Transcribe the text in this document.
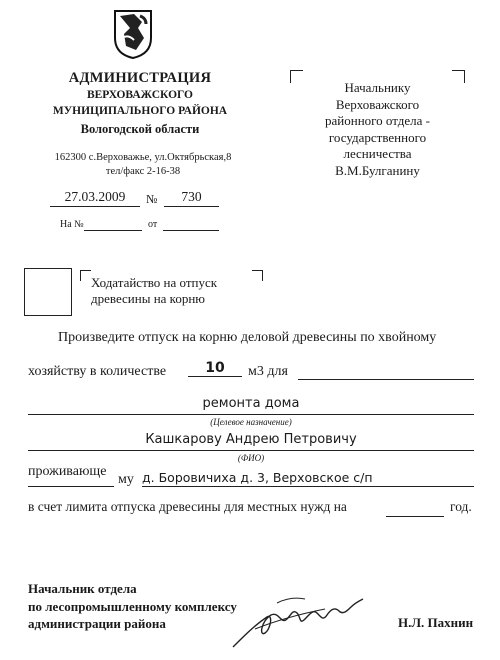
АДМИНИСТРАЦИЯ
ВЕРХОВАЖСКОГО
МУНИЦИПАЛЬНОГО РАЙОНА
Вологодской области
162300 с.Верховажье, ул.Октябрьская,8
тел/факс 2-16-38
27.03.2009	№	730
На №	от
Начальнику
Верховажского
районного отдела -
государственного
лесничества
В.М.Булганину
Ходатайство на отпуск
древесины на корню
Произведите отпуск на корню деловой древесины по хвойному
хозяйству в количестве	10	м3 для
ремонта дома
(Целевое назначение)
Кашкарову Андрею Петровичу
(ФИО)
проживающе
му д. Боровичиха д. 3, Верховское с/п
в счет лимита отпуска древесины для местных нужд на	год.
Начальник отдела
по лесопромышленному комплексу
администрации района	Н.Л. Пахнин
